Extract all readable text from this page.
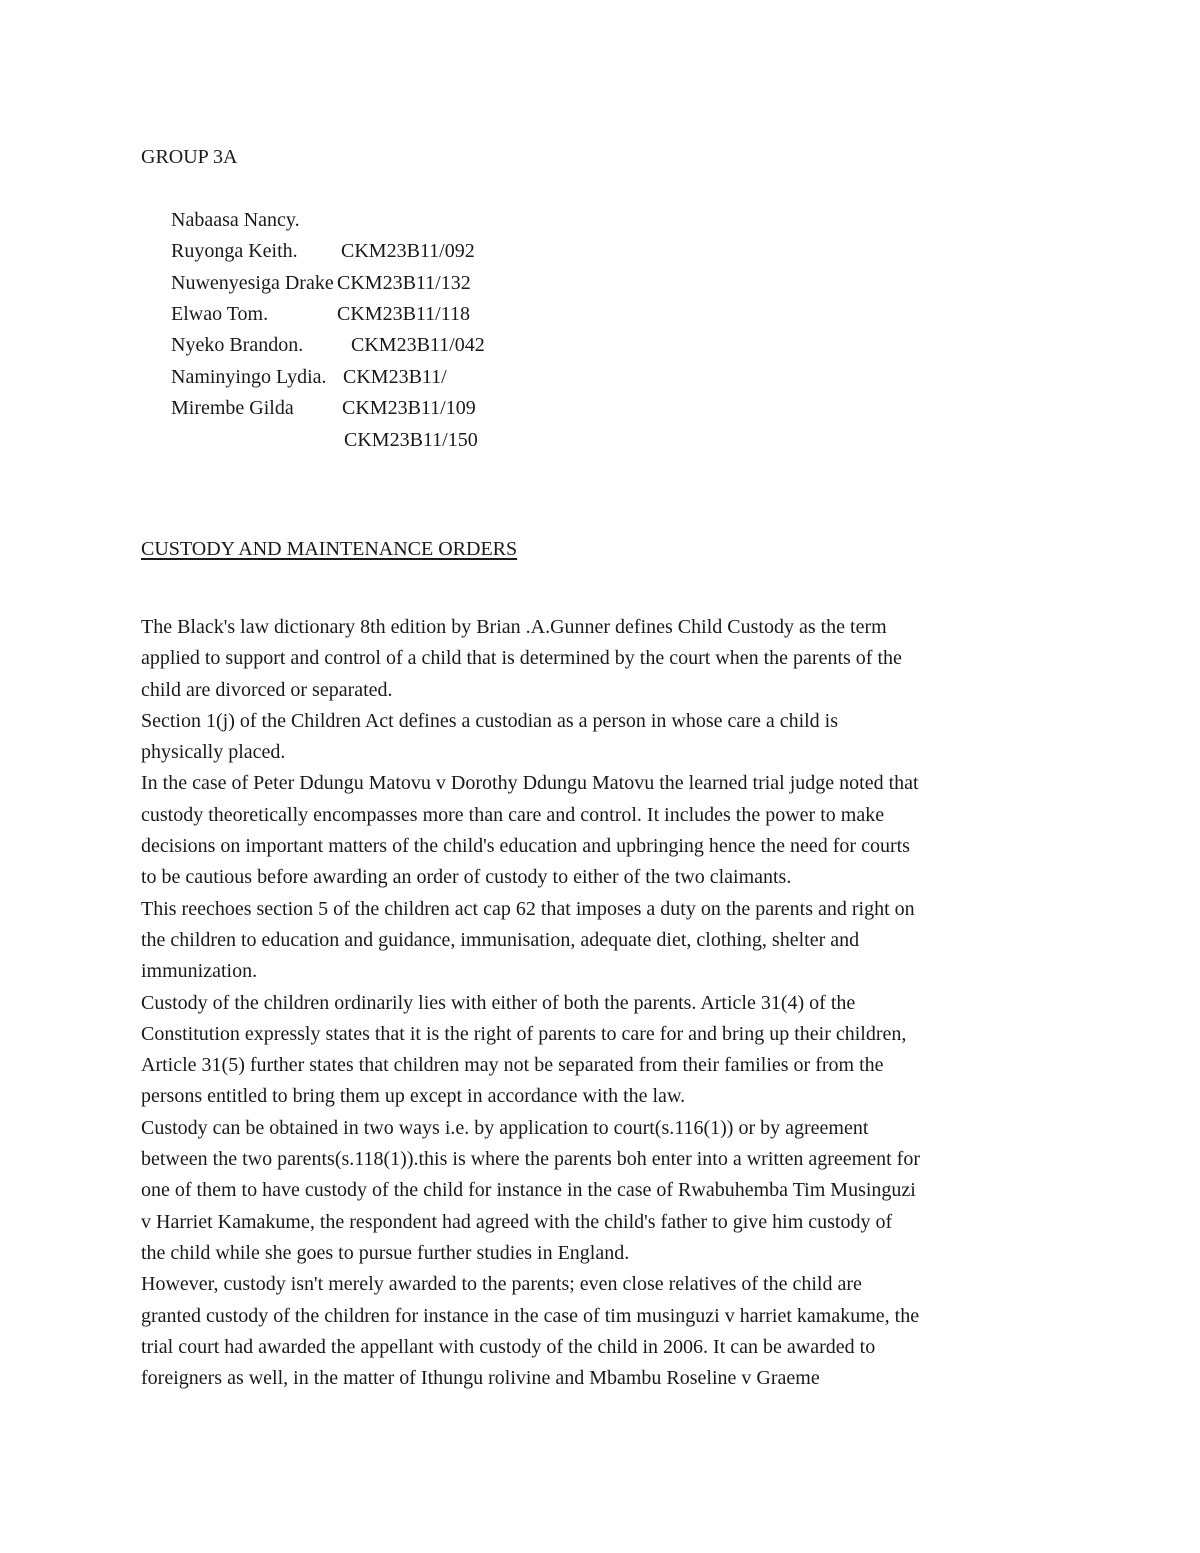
GROUP 3A

Nabaasa Nancy.

CKM23B11/092

Ruyonga Keith.

CKM23B11/132

Nuwenyesiga Drake

CKM23B11/118

Elwao Tom.

CKM23B11/042

Nyeko Brandon.

CKM23B11/

Naminyingo Lydia.

CKM23B11/109

Mirembe Gilda

CKM23B11/150

CUSTODY AND MAINTENANCE ORDERS

The Black's law dictionary 8th edition by Brian .A.Gunner defines Child Custody as the term
applied to support and control of a child that is determined by the court when the parents of the
child are divorced or separated.

Section 1(j) of the Children Act defines a custodian as a person in whose care a child is
physically placed.

In the case of Peter Ddungu Matovu v Dorothy Ddungu Matovu the learned trial judge noted that
custody theoretically encompasses more than care and control. It includes the power to make
decisions on important matters of the child's education and upbringing hence the need for courts
to be cautious before awarding an order of custody to either of the two claimants.

This reechoes section 5 of the children act cap 62 that imposes a duty on the parents and right on
the children to education and guidance, immunisation, adequate diet, clothing, shelter and
immunization.

Custody of the children ordinarily lies with either of both the parents. Article 31(4) of the
Constitution expressly states that it is the right of parents to care for and bring up their children,
Article 31(5) further states that children may not be separated from their families or from the
persons entitled to bring them up except in accordance with the law.

Custody can be obtained in two ways i.e. by application to court(s.116(1)) or by agreement
between the two parents(s.118(1)).this is where the parents boh enter into a written agreement for
one of them to have custody of the child for instance in the case of Rwabuhemba Tim Musinguzi
v Harriet Kamakume, the respondent had agreed with the child's father to give him custody of
the child while she goes to pursue further studies in England.

However, custody isn't merely awarded to the parents; even close relatives of the child are
granted custody of the children for instance in the case of tim musinguzi v harriet kamakume, the
trial court had awarded the appellant with custody of the child in 2006. It can be awarded to
foreigners as well, in the matter of Ithungu rolivine and Mbambu Roseline v Graeme
